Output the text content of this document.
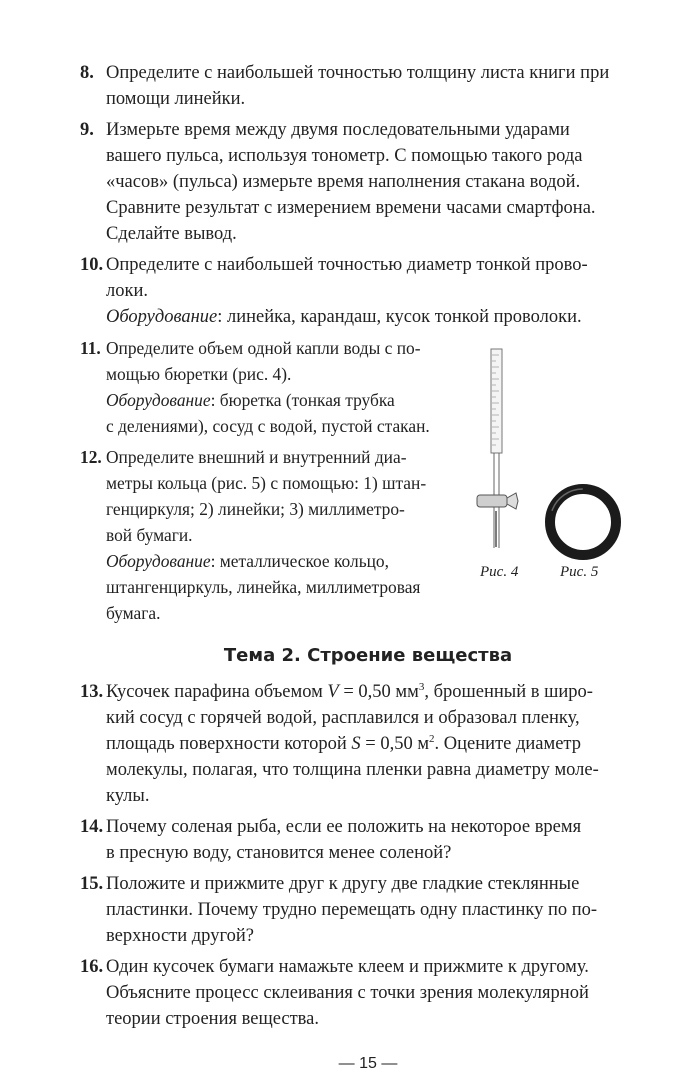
8. Определите с наибольшей точностью толщину листа книги при
помощи линейки.
9. Измерьте время между двумя последовательными ударами
вашего пульса, используя тонометр. С помощью такого рода
«часов» (пульса) измерьте время наполнения стакана водой.
Сравните результат с измерением времени часами смартфона.
Сделайте вывод.
10. Определите с наибольшей точностью диаметр тонкой прово-
локи.
Оборудование: линейка, карандаш, кусок тонкой проволоки.
11. Определите объем одной капли воды с по-
мощью бюретки (рис. 4).
Оборудование: бюретка (тонкая трубка
с делениями), сосуд с водой, пустой стакан.
12. Определите внешний и внутренний диа-
метры кольца (рис. 5) с помощью: 1) штан-
генциркуля; 2) линейки; 3) миллиметро-
вой бумаги.
Оборудование: металлическое кольцо,
штангенциркуль, линейка, миллиметровая
бумага.
Рис. 4	Рис. 5
Тема 2. Строение вещества
13. Кусочек парафина объемом V = 0,50 $мм^3$, брошенный в широ-
кий сосуд с горячей водой, расплавился и образовал пленку,
площадь поверхности которой S = 0,50 $м^2$. Оцените диаметр
молекулы, полагая, что толщина пленки равна диаметру моле-
кулы.
14. Почему соленая рыба, если ее положить на некоторое время
в пресную воду, становится менее соленой?
15. Положите и прижмите друг к другу две гладкие стеклянные
пластинки. Почему трудно перемещать одну пластинку по по-
верхности другой?
16. Один кусочек бумаги намажьте клеем и прижмите к другому.
Объясните процесс склеивания с точки зрения молекулярной
теории строения вещества.
— 15 —
